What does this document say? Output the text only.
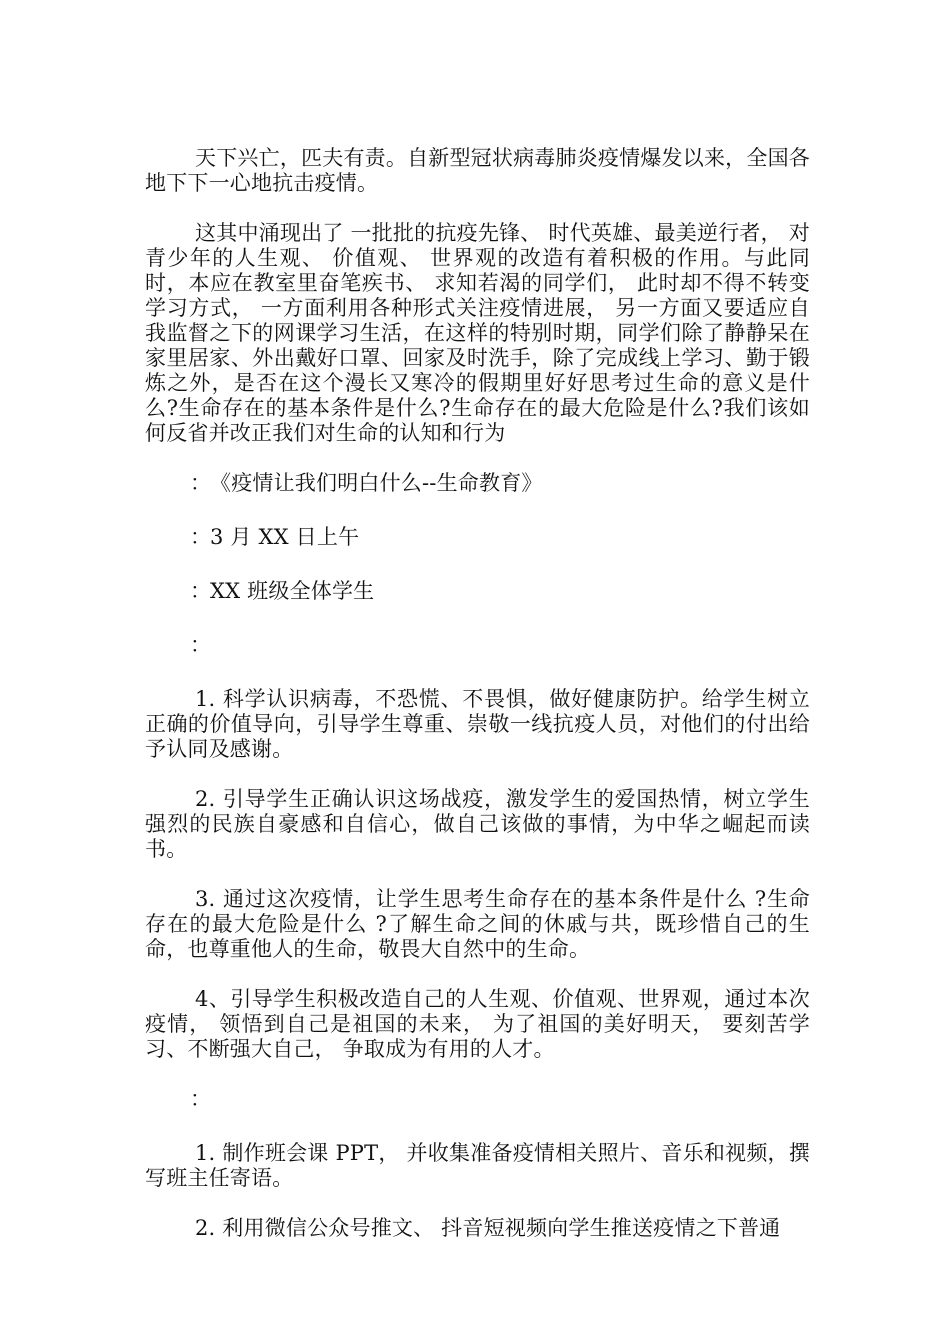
天下兴亡，匹夫有责。自新型冠状病毒肺炎疫情爆发以来，全国各地下下一心地抗击疫情。

这其中涌现出了 一批批的抗疫先锋、 时代英雄、最美逆行者， 对青少年的人生观、 价值观、 世界观的改造有着积极的作用。与此同时，本应在教室里奋笔疾书、 求知若渴的同学们， 此时却不得不转变学习方式， 一方面利用各种形式关注疫情进展， 另一方面又要适应自我监督之下的网课学习生活，在这样的特别时期，同学们除了静静呆在家里居家、外出戴好口罩、回家及时洗手，除了完成线上学习、勤于锻炼之外，是否在这个漫长又寒冷的假期里好好思考过生命的意义是什么?生命存在的基本条件是什么?生命存在的最大危险是什么?我们该如何反省并改正我们对生命的认知和行为

：《疫情让我们明白什么--生命教育》
：3 月 XX 日上午
：XX 班级全体学生
：

1. 科学认识病毒，不恐慌、不畏惧，做好健康防护。给学生树立正确的价值导向，引导学生尊重、崇敬一线抗疫人员，对他们的付出给予认同及感谢。

2. 引导学生正确认识这场战疫，激发学生的爱国热情，树立学生强烈的民族自豪感和自信心，做自己该做的事情，为中华之崛起而读书。

3. 通过这次疫情，让学生思考生命存在的基本条件是什么 ?生命存在的最大危险是什么 ?了解生命之间的休戚与共，既珍惜自己的生命，也尊重他人的生命，敬畏大自然中的生命。

4、引导学生积极改造自己的人生观、价值观、世界观，通过本次疫情， 领悟到自己是祖国的未来， 为了祖国的美好明天， 要刻苦学习、不断强大自己， 争取成为有用的人才。

：

1. 制作班会课 PPT， 并收集准备疫情相关照片、音乐和视频，撰写班主任寄语。

2. 利用微信公众号推文、 抖音短视频向学生推送疫情之下普通
